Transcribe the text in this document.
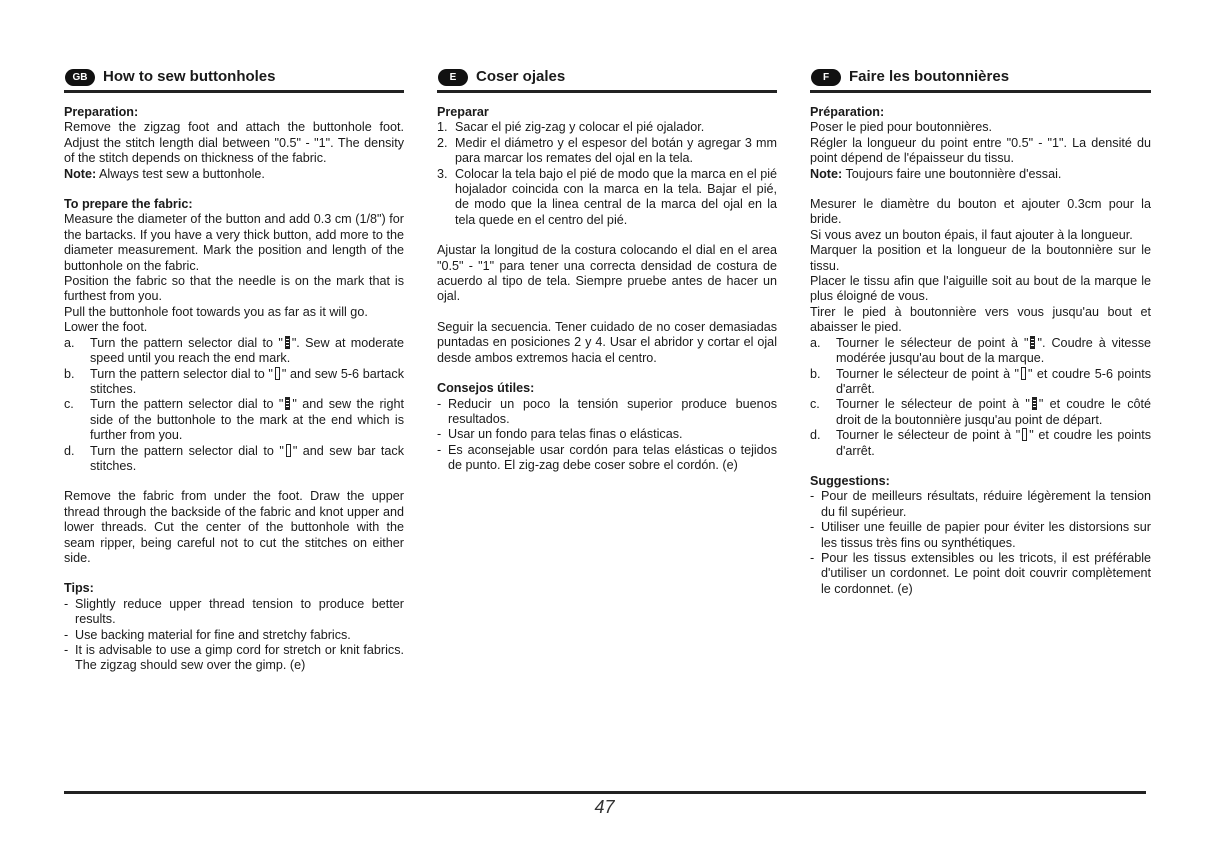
GB	How to sew buttonholes
Preparation:

Remove the zigzag foot and attach the buttonhole foot. Adjust the stitch length dial between "0.5" - "1". The density of the stitch depends on thickness of the fabric.

Note: Always test sew a buttonhole.

To prepare the fabric:

Measure the diameter of the button and add 0.3 cm (1/8") for the bartacks. If you have a very thick button, add more to the diameter measurement. Mark the position and length of the buttonhole on the fabric.

Position the fabric so that the needle is on the mark that is furthest from you.

Pull the buttonhole foot towards you as far as it will go.

Lower the foot.

a. Turn the pattern selector dial to " ". Sew at moderate speed until you reach the end mark.
b. Turn the pattern selector dial to " " and sew 5-6 bartack stitches.
c. Turn the pattern selector dial to " " and sew the right side of the buttonhole to the mark at the end which is further from you.
d. Turn the pattern selector dial to " " and sew bar tack stitches.

Remove the fabric from under the foot. Draw the upper thread through the backside of the fabric and knot upper and lower threads. Cut the center of the buttonhole with the seam ripper, being careful not to cut the stitches on either side.

Tips:
- Slightly reduce upper thread tension to produce better results.
- Use backing material for fine and stretchy fabrics.
- It is advisable to use a gimp cord for stretch or knit fabrics. The zigzag should sew over the gimp. (e)
E	Coser ojales
Preparar
1. Sacar el pié zig-zag y colocar el pié ojalador.
2. Medir el diámetro y el espesor del botán y agregar 3 mm para marcar los remates del ojal en la tela.
3. Colocar la tela bajo el pié de modo que la marca en el pié hojalador coincida con la marca en la tela. Bajar el pié, de modo que la linea central de la marca del ojal en la tela quede en el centro del pié.

Ajustar la longitud de la costura colocando el dial en el area "0.5" - "1" para tener una correcta densidad de costura de acuerdo al tipo de tela. Siempre pruebe antes de hacer un ojal.

Seguir la secuencia. Tener cuidado de no coser demasiadas puntadas en posiciones 2 y 4. Usar el abridor y cortar el ojal desde ambos extremos hacia el centro.

Consejos útiles:
- Reducir un poco la tensión superior produce buenos resultados.
- Usar un fondo para telas finas o elásticas.
- Es aconsejable usar cordón para telas elásticas o tejidos de punto. El zig-zag debe coser sobre el cordón. (e)
F	Faire les boutonnières
Préparation:

Poser le pied pour boutonnières.

Régler la longueur du point entre "0.5" - "1". La densité du point dépend de l'épaisseur du tissu.

Note: Toujours faire une boutonnière d'essai.

Mesurer le diamètre du bouton et ajouter 0.3cm pour la bride.

Si vous avez un bouton épais, il faut ajouter à la longueur.

Marquer la position et la longueur de la boutonnière sur le tissu.

Placer le tissu afin que l'aiguille soit au bout de la marque le plus éloigné de vous.

Tirer le pied à boutonnière vers vous jusqu'au bout et abaisser le pied.

a. Tourner le sélecteur de point à " ". Coudre à vitesse modérée jusqu'au bout de la marque.
b. Tourner le sélecteur de point à " " et coudre 5-6 points d'arrêt.
c. Tourner le sélecteur de point à " " et coudre le côté droit de la boutonnière jusqu'au point de départ.
d. Tourner le sélecteur de point à " " et coudre les points d'arrêt.
Suggestions:
- Pour de meilleurs résultats, réduire légèrement la tension du fil supérieur.
- Utiliser une feuille de papier pour éviter les distorsions sur les tissus très fins ou synthétiques.
- Pour les tissus extensibles ou les tricots, il est préférable d'utiliser un cordonnet. Le point doit couvrir complètement le cordonnet. (e)
47
